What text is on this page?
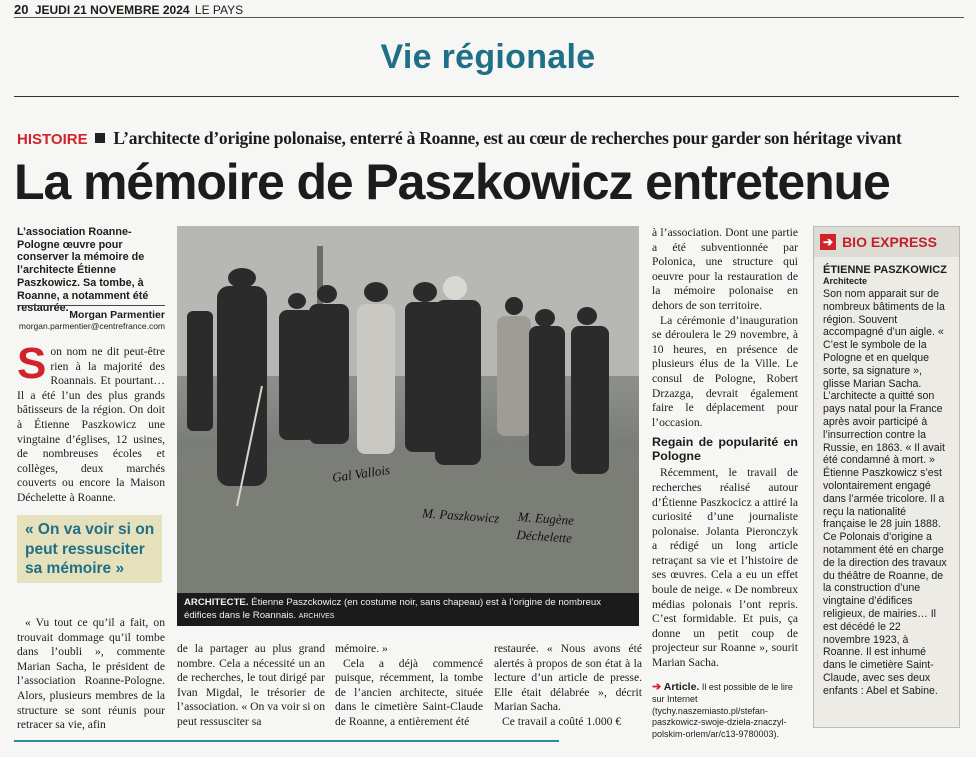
20 JEUDI 21 NOVEMBRE 2024 LE PAYS
Vie régionale
HISTOIRE L’architecte d’origine polonaise, enterré à Roanne, est au cœur de recherches pour garder son héritage vivant
La mémoire de Paszkowicz entretenue
L’association Roanne-Pologne œuvre pour conserver la mémoire de l’architecte Étienne Paszkowicz. Sa tombe, à Roanne, a notamment été restaurée.
Morgan Parmentier
morgan.parmentier@centrefrance.com

Son nom ne dit peut-être rien à la majorité des Roannais. Et pourtant… Il a été l’un des plus grands bâtisseurs de la région. On doit à Étienne Paszkowicz une vingtaine d’églises, 12 usines, de nombreuses écoles et collèges, deux marchés couverts ou encore la Maison Déchelette à Roanne.

« On va voir si on peut ressusciter sa mémoire »

« Vu tout ce qu’il a fait, on trouvait dommage qu’il tombe dans l’oubli », commente Marian Sacha, le président de l’association Roanne-Pologne. Alors, plusieurs membres de la structure se sont réunis pour retracer sa vie, afin

Gal Vallois
M. Paszkowicz M. Eugène Déchelette
ARCHITECTE. Étienne Paszckowicz (en costume noir, sans chapeau) est à l’origine de nombreux édifices dans le Roannais. ARCHIVES

de la partager au plus grand nombre. Cela a nécessité un an de recherches, le tout dirigé par Ivan Migdal, le trésorier de l’association. « On va voir si on peut ressusciter sa

mémoire. »

Cela a déjà commencé puisque, récemment, la tombe de l’ancien architecte, située dans le cimetière Saint-Claude de Roanne, a entièrement été

restaurée. « Nous avons été alertés à propos de son état à la lecture d’un article de presse. Elle était délabrée », décrit Marian Sacha.

Ce travail a coûté 1.000 €

à l’association. Dont une partie a été subventionnée par Polonica, une structure qui oeuvre pour la restauration de la mémoire polonaise en dehors de son territoire.

La cérémonie d’inauguration se déroulera le 29 novembre, à 10 heures, en présence de plusieurs élus de la Ville. Le consul de Pologne, Robert Drzazga, devrait également faire le déplacement pour l’occasion.

Regain de popularité en Pologne

Récemment, le travail de recherches réalisé autour d’Étienne Paszkocicz a attiré la curiosité d’une journaliste polonaise. Jolanta Pieronczyk a rédigé un long article retraçant sa vie et l’histoire de ses œuvres. Cela a eu un effet boule de neige. « De nombreux médias polonais l’ont repris. C’est formidable. Et puis, ça donne un petit coup de projecteur sur Roanne », sourit Marian Sacha.

➔ Article. Il est possible de le lire sur Internet (tychy.naszemiasto.pl/stefan-paszkowicz-swoje-dziela-znaczyl-polskim-orlem/ar/c13-9780003).
➔ BIO EXPRESS
ÉTIENNE PASZKOWICZ
Architecte
Son nom apparait sur de nombreux bâtiments de la région. Souvent accompagné d’un aigle. « C’est le symbole de la Pologne et en quelque sorte, sa signature », glisse Marian Sacha. L’architecte a quitté son pays natal pour la France après avoir participé à l’insurrection contre la Russie, en 1863. « Il avait été condamné à mort. » Étienne Paszkowicz s’est volontairement engagé dans l’armée tricolore. Il a reçu la nationalité française le 28 juin 1888. Ce Polonais d’origine a notamment été en charge de la direction des travaux du théâtre de Roanne, de la construction d’une vingtaine d’édifices religieux, de mairies… Il est décédé le 22 novembre 1923, à Roanne. Il est inhumé dans le cimetière Saint-Claude, avec ses deux enfants : Abel et Sabine.
